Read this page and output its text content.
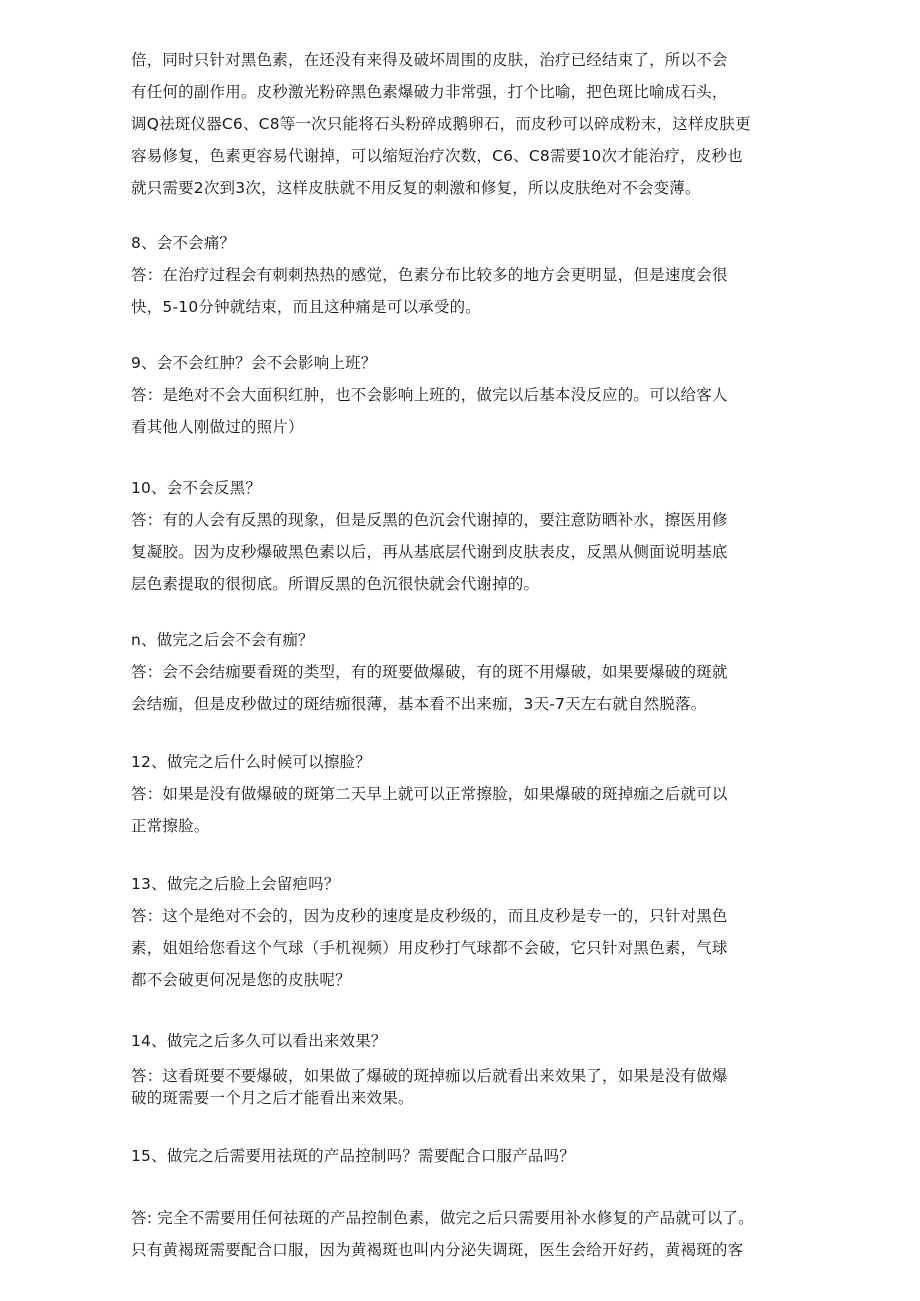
倍，同时只针对黑色素，在还没有来得及破坏周围的皮肤，治疗已经结束了，所以不会
有任何的副作用。皮秒激光粉碎黑色素爆破力非常强，打个比喻，把色斑比喻成石头，
调Q祛斑仪器C6、C8等一次只能将石头粉碎成鹅卵石，而皮秒可以碎成粉末，这样皮肤更
容易修复，色素更容易代谢掉，可以缩短治疗次数，C6、C8需要10次才能治疗，皮秒也
就只需要2次到3次，这样皮肤就不用反复的刺激和修复，所以皮肤绝对不会变薄。
8、会不会痛？
答：在治疗过程会有刺刺热热的感觉，色素分布比较多的地方会更明显，但是速度会很
快，5-10分钟就结束，而且这种痛是可以承受的。
9、会不会红肿？会不会影响上班？
答：是绝对不会大面积红肿，也不会影响上班的，做完以后基本没反应的。可以给客人
看其他人刚做过的照片）
10、会不会反黑？
答：有的人会有反黑的现象，但是反黑的色沉会代谢掉的，要注意防晒补水，擦医用修
复凝胶。因为皮秒爆破黑色素以后，再从基底层代谢到皮肤表皮，反黑从侧面说明基底
层色素提取的很彻底。所谓反黑的色沉很快就会代谢掉的。
n、做完之后会不会有痂？
答：会不会结痂要看斑的类型，有的斑要做爆破，有的斑不用爆破，如果要爆破的斑就
会结痂，但是皮秒做过的斑结痂很薄，基本看不出来痂，3天-7天左右就自然脱落。
12、做完之后什么时候可以擦脸？
答：如果是没有做爆破的斑第二天早上就可以正常擦脸，如果爆破的斑掉痂之后就可以
正常擦脸。
13、做完之后脸上会留疤吗？
答：这个是绝对不会的，因为皮秒的速度是皮秒级的，而且皮秒是专一的，只针对黑色
素，姐姐给您看这个气球（手机视频）用皮秒打气球都不会破，它只针对黑色素，气球
都不会破更何况是您的皮肤呢？
14、做完之后多久可以看出来效果？
答：这看斑要不要爆破，如果做了爆破的斑掉痂以后就看出来效果了，如果是没有做爆
破的斑需要一个月之后才能看出来效果。
15、做完之后需要用祛斑的产品控制吗？需要配合口服产品吗？
答: 完全不需要用任何祛斑的产品控制色素，做完之后只需要用补水修复的产品就可以了。
只有黄褐斑需要配合口服，因为黄褐斑也叫内分泌失调斑，医生会给开好药，黄褐斑的客
